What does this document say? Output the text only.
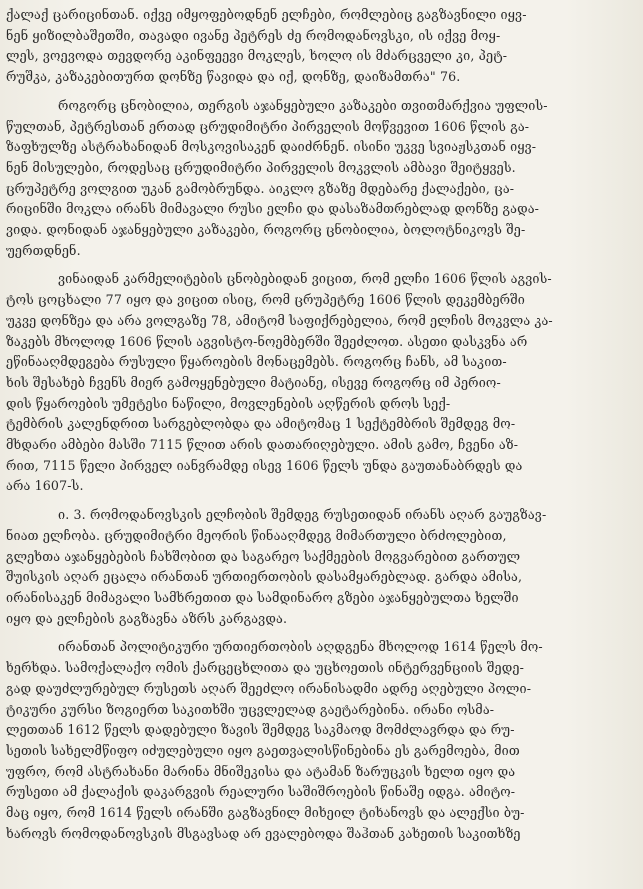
ქალაქ ცარიცინთან. იქვე იმყოფებოდნენ ელჩები, რომლებიც გაგზავნილი იყვ-
ნენ ყიზილბაშეთში, თავადი ივანე პეტრეს ძე რომოდანოვსკი, ის იქვე მოყ-
ლეს, ვოევოდა თევდორე აკინფეევი მოკლეს, ხოლო ის მძარცველი კი, პეტ-
რუშკა, კაზაკებითურთ დონზე წავიდა და იქ, დონზე, დაიზამთრა" 76.
როგორც ცნობილია, თერგის აჯანყებული კაზაკები თვითმარქვია უფლის-
წულთან, პეტრესთან ერთად ცრუდიმიტრი პირველის მოწვევით 1606 წლის გა-
ზაფხულზე ასტრახანიდან მოსკოვისაკენ დაიძრნენ. ისინი უკვე სვიაჟსკთან იყვ-
ნენ მისულები, როდესაც ცრუდიმიტრი პირველის მოკვლის ამბავი შეიტყვეს.
ცრუპეტრე ვოლგით უკან გამობრუნდა. აიკლო გზაზე მდებარე ქალაქები, ცა-
რიცინში მოკლა ირანს მიმავალი რუსი ელჩი და დასაზამთრებლად დონზე გადა-
ვიდა. დონიდან აჯანყებული კაზაკები, როგორც ცნობილია, ბოლოტნიკოვს შე-
უერთდნენ.
ვინაიდან კარმელიტების ცნობებიდან ვიცით, რომ ელჩი 1606 წლის აგვის-
ტოს ცოცხალი 77 იყო და ვიცით ისიც, რომ ცრუპეტრე 1606 წლის დეკემბერში
უკვე დონზეა და არა ვოლგაზე 78, ამიტომ საფიქრებელია, რომ ელჩის მოკვლა კა-
ზაკებს მხოლოდ 1606 წლის აგვისტო-ნოემბერში შეეძლოთ. ასეთი დასკვნა არ
ეწინააღმდეგება რუსული წყაროების მონაცემებს. როგორც ჩანს, ამ საკით-
ხის შესახებ ჩვენს მიერ გამოყენებული მატიანე, ისევე როგორც იმ პერიო-
დის წყაროების უმეტესი ნაწილი, მოვლენების აღწერის დროს სექ-
ტემბრის კალენდრით სარგებლობდა და ამიტომაც 1 სექტემბრის შემდეგ მო-
მხდარი ამბები მასში 7115 წლით არის დათარიღებული. ამის გამო, ჩვენი აზ-
რით, 7115 წელი პირველ იანვრამდე ისევ 1606 წელს უნდა გაუთანაბრდეს და
არა 1607-ს.
ი. 3. რომოდანოვსკის ელჩობის შემდეგ რუსეთიდან ირანს აღარ გაუგზავ-
ნიათ ელჩობა. ცრუდიმიტრი მეორის წინააღმდეგ მიმართული ბრძოლებით,
გლეხთა აჯანყებების ჩახშობით და საგარეო საქმეების მოგვარებით გართულ
შუისკის აღარ ეცალა ირანთან ურთიერთობის დასამყარებლად. გარდა ამისა,
ირანისაკენ მიმავალი სამხრეთით და სამდინარო გზები აჯანყებულთა ხელში
იყო და ელჩების გაგზავნა აზრს კარგავდა.
ირანთან პოლიტიკური ურთიერთობის აღდგენა მხოლოდ 1614 წელს მო-
ხერხდა. სამოქალაქო ომის ქარცეცხლითა და უცხოეთის ინტერვენციის შედე-
გად დაუძლურებულ რუსეთს აღარ შეეძლო ირანისადმი ადრე აღებული პოლი-
ტიკური კურსი ზოგიერთ საკითხში უცვლელად გაეტარებინა. ირანი ოსმა-
ლეთთან 1612 წელს დადებული ზავის შემდეგ საკმაოდ მომძლავრდა და რუ-
სეთის სახელმწიფო იძულებული იყო გაეთვალისწინებინა ეს გარემოება, მით
უფრო, რომ ასტრახანი მარინა მნიშეკისა და ატამან ზარუცკის ხელთ იყო და
რუსეთი ამ ქალაქის დაკარგვის რეალური საშიშროების წინაშე იდგა. ამიტო-
მაც იყო, რომ 1614 წელს ირანში გაგზავნილ მიხეილ ტიხანოვს და ალექსი ბუ-
ხაროვს რომოდანოვსკის მსგავსად არ ევალებოდა შაჰთან კახეთის საკითხზე
